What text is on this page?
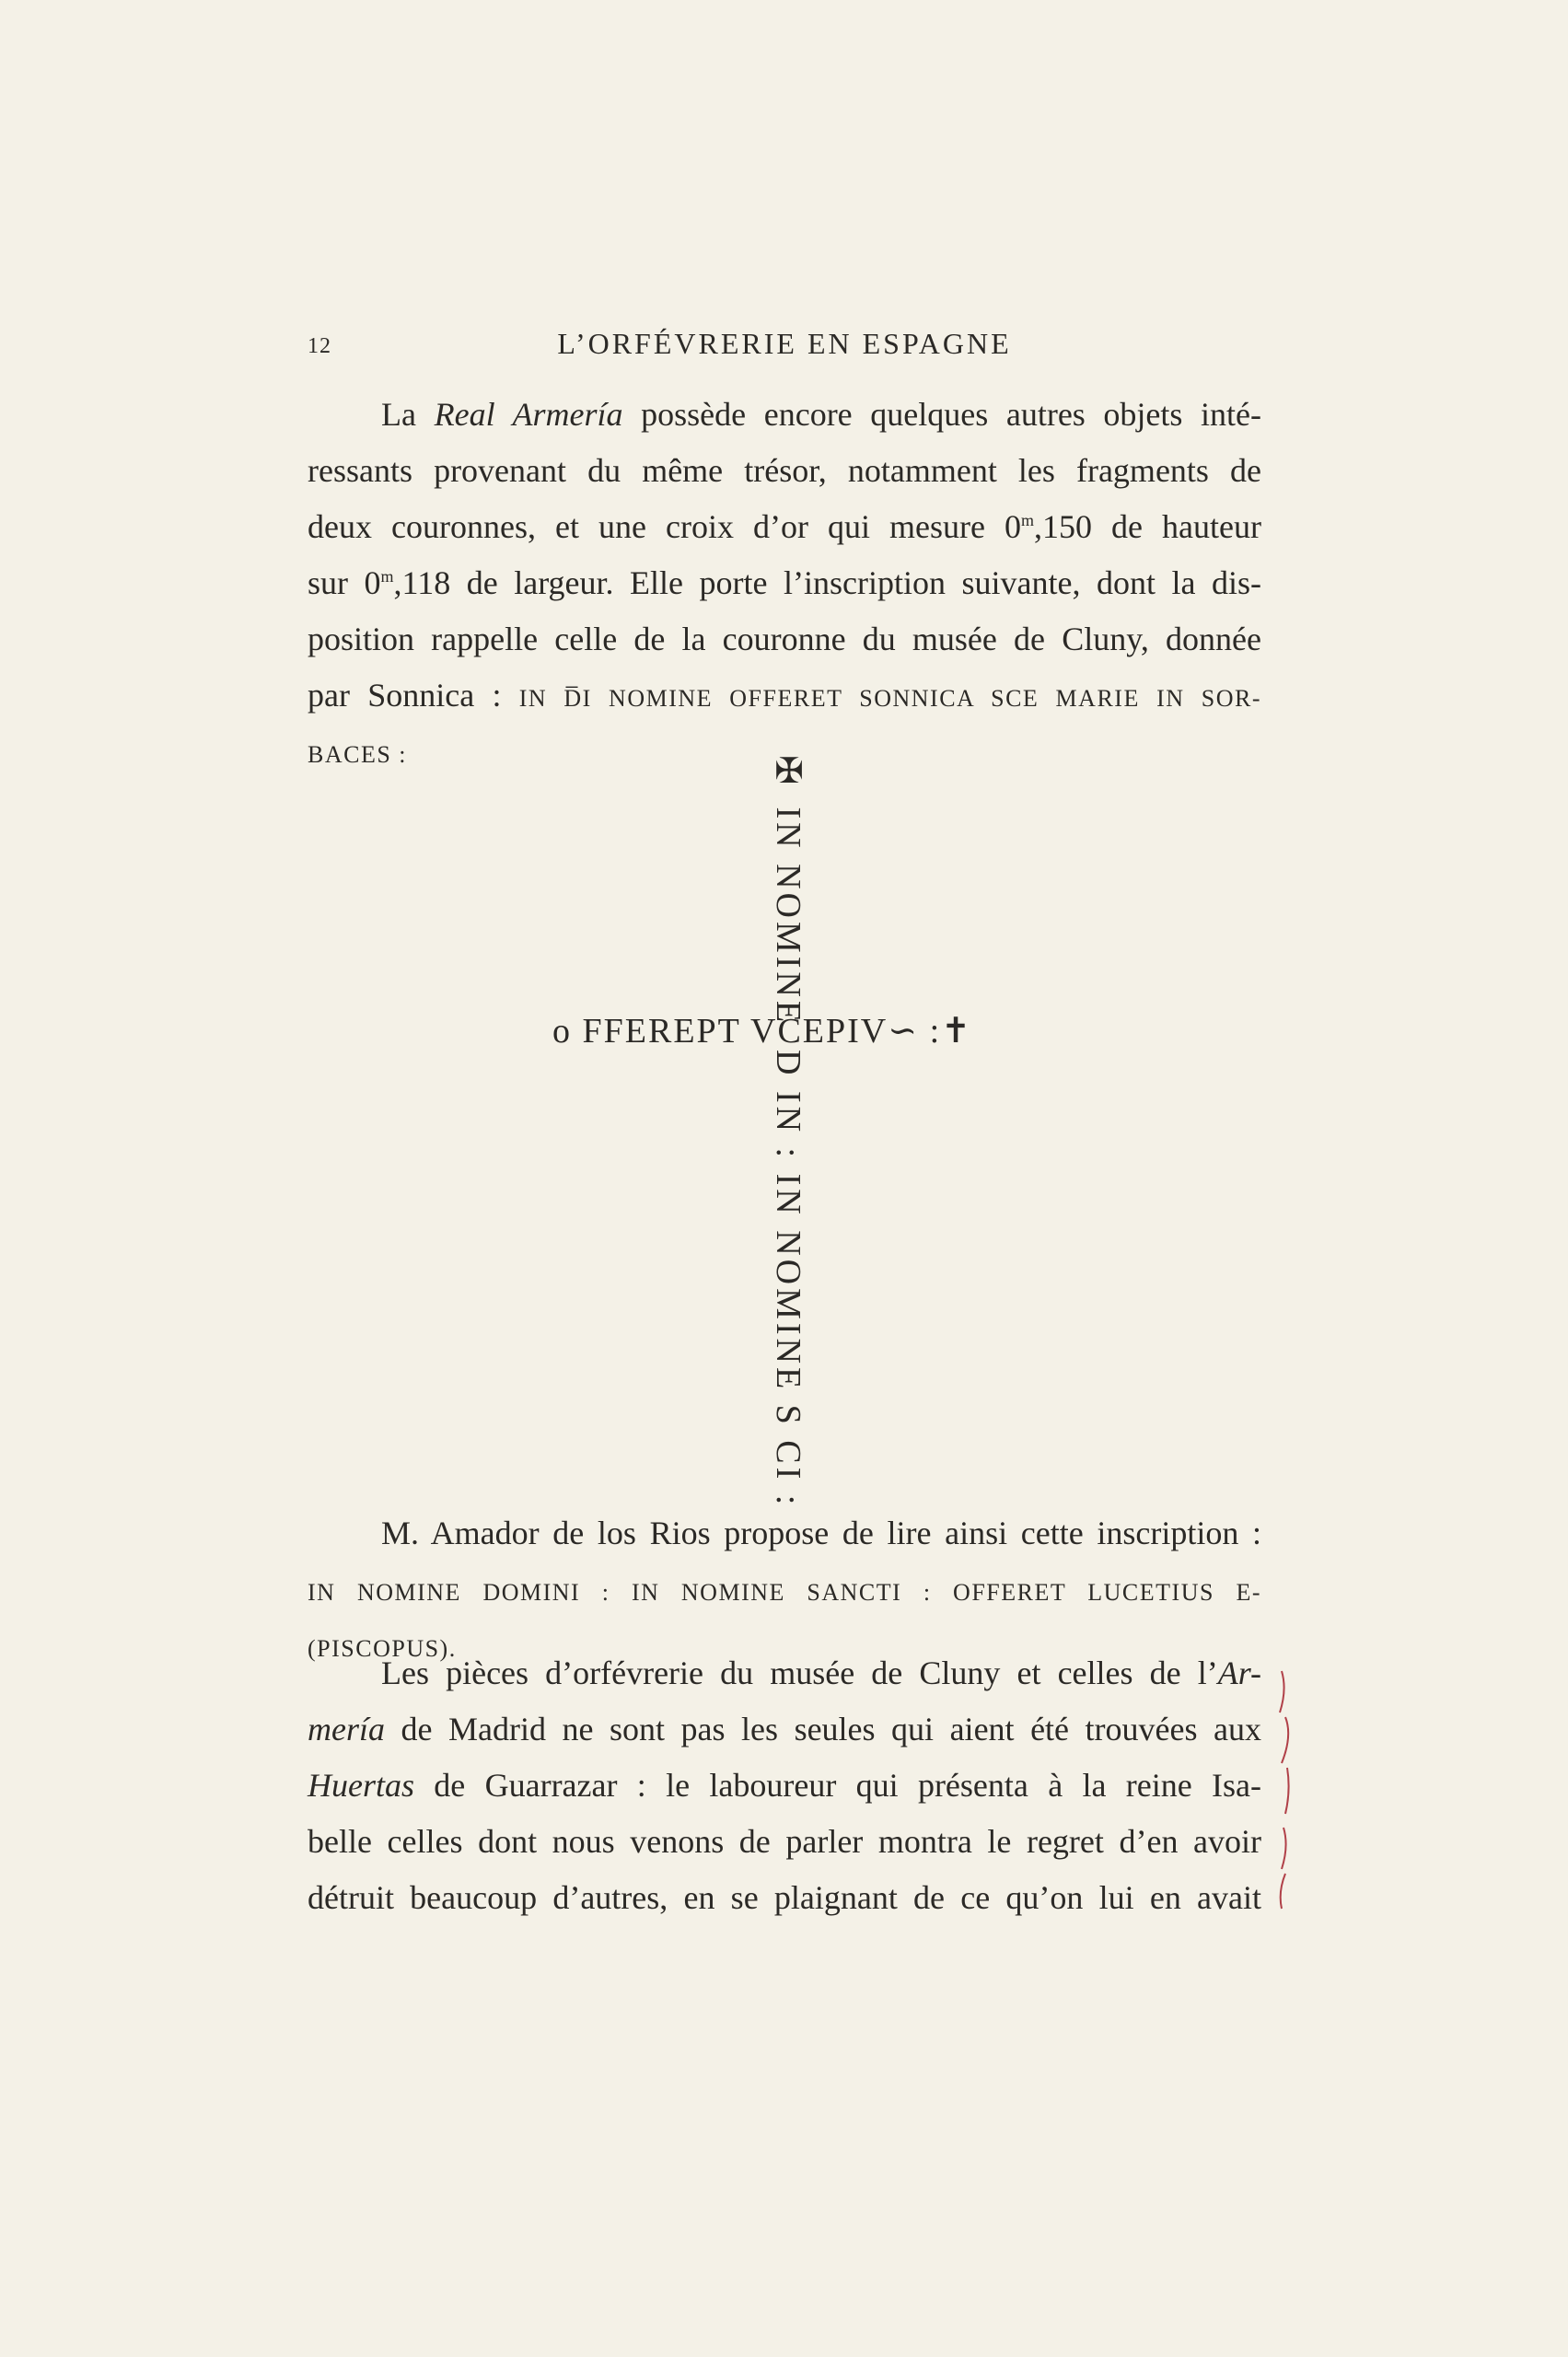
12	L’ORFÉVRERIE EN ESPAGNE

La Real Armería possède encore quelques autres objets inté-
ressants provenant du même trésor, notamment les fragments de
deux couronnes, et une croix d’or qui mesure 0$^m$,150 de hauteur
sur 0$^m$,118 de largeur. Elle porte l’inscription suivante, dont la dis-
position rappelle celle de la couronne du musée de Cluny, donnée
par Sonnica : IN D̅I NOMINE OFFERET SONNICA SCE MARIE IN SOR-
BACES :	✠ IN NOMINE
ᴏ FFEREPT VCEPIV∽ :✝
D IN : IN NOMINE S CI :

M. Amador de los Rios propose de lire ainsi cette inscription :
IN NOMINE DOMINI : IN NOMINE SANCTI : OFFERET LUCETIUS E-
(PISCOPUS).

Les pièces d’orfévrerie du musée de Cluny et celles de l’Ar-
mería de Madrid ne sont pas les seules qui aient été trouvées aux
Huertas de Guarrazar : le laboureur qui présenta à la reine Isa-
belle celles dont nous venons de parler montra le regret d’en avoir
détruit beaucoup d’autres, en se plaignant de ce qu’on lui en avait
